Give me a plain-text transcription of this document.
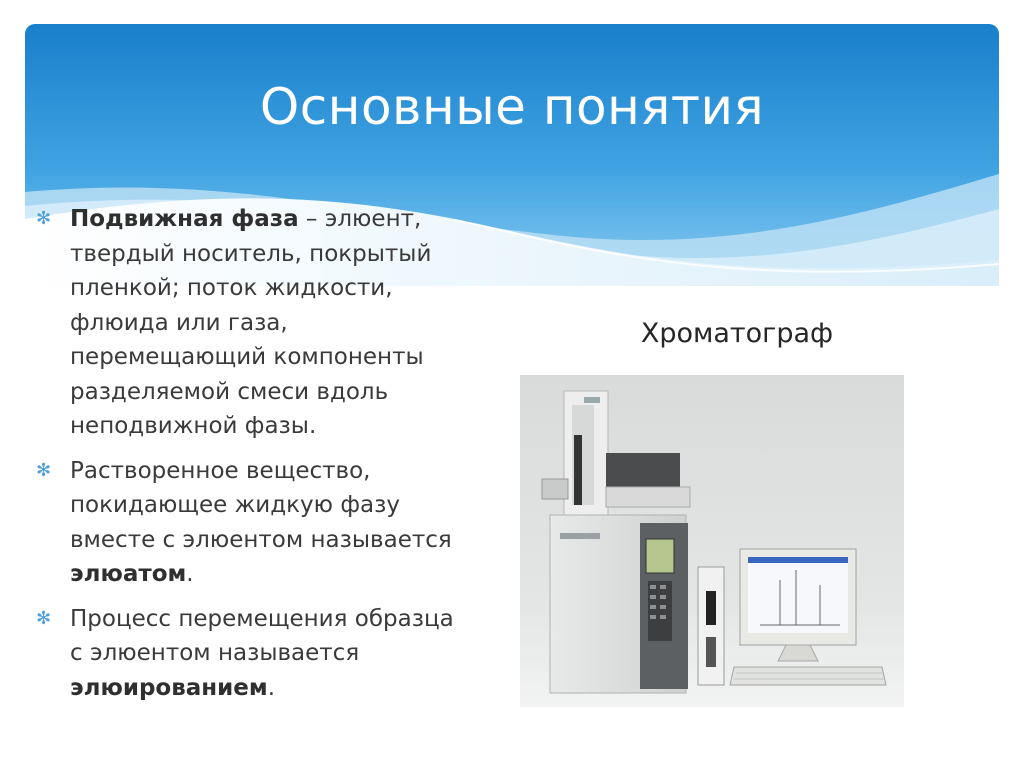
Основные понятия
✻ Подвижная фаза – элюент, твердый носитель, покрытый пленкой; поток жидкости, флюида или газа, перемещающий компоненты разделяемой смеси вдоль неподвижной фазы.
✻ Растворенное вещество, покидающее жидкую фазу вместе с элюентом называется элюатом.
✻ Процесс перемещения образца с элюентом называется элюированием.
Хроматограф
